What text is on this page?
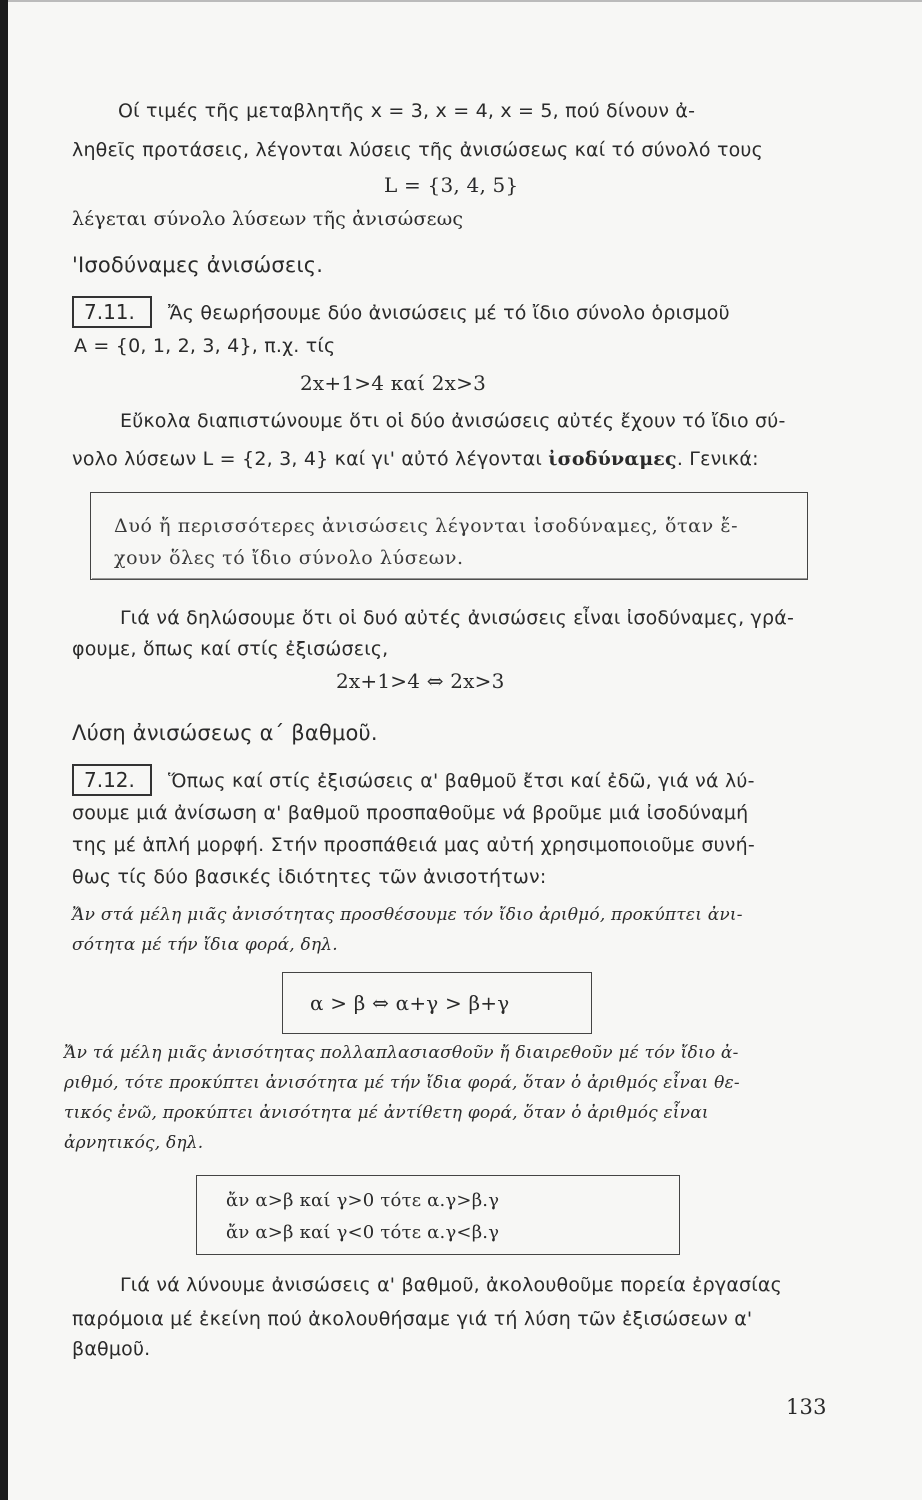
Οί τιμές τῆς μεταβλητῆς x = 3, x = 4, x = 5, πού δίνουν ἀ-
ληθεῖς προτάσεις, λέγονται λύσεις τῆς ἀνισώσεως καί τό σύνολό τους
L = {3, 4, 5}
λέγεται σύνολο λύσεων τῆς ἀνισώσεως
'Ισοδύναμες ἀνισώσεις.
7.11.	Ἄς θεωρήσουμε δύο ἀνισώσεις μέ τό ἴδιο σύνολο ὁρισμοῦ
A = {0, 1, 2, 3, 4}, π.χ. τίς
2x+1>4 καί 2x>3
Εὔκολα διαπιστώνουμε ὅτι οἱ δύο ἀνισώσεις αὐτές ἔχουν τό ἴδιο σύ-
νολο λύσεων L = {2, 3, 4} καί γι' αὐτό λέγονται ἰσοδύναμες. Γενικά:
Δυό ἤ περισσότερες ἀνισώσεις λέγονται ἰσοδύναμες, ὅταν ἔ-
χουν ὅλες τό ἴδιο σύνολο λύσεων.
Γιά νά δηλώσουμε ὅτι οἱ δυό αὐτές ἀνισώσεις εἶναι ἰσοδύναμες, γρά-
φουμε, ὅπως καί στίς ἐξισώσεις,
2x+1>4 ⇔ 2x>3
Λύση ἀνισώσεως α΄ βαθμοῦ.
7.12.	Ὅπως καί στίς ἐξισώσεις α' βαθμοῦ ἔτσι καί ἐδῶ, γιά νά λύ-
σουμε μιά ἀνίσωση α' βαθμοῦ προσπαθοῦμε νά βροῦμε μιά ἰσοδύναμή
της μέ ἁπλή μορφή. Στήν προσπάθειά μας αὐτή χρησιμοποιοῦμε συνή-
θως τίς δύο βασικές ἰδιότητες τῶν ἀνισοτήτων:
Ἄν στά μέλη μιᾶς ἀνισότητας προσθέσουμε τόν ἴδιο ἀριθμό, προκύπτει ἀνι-
σότητα μέ τήν ἴδια φορά, δηλ.
α > β ⇔ α+γ > β+γ
Ἄν τά μέλη μιᾶς ἀνισότητας πολλαπλασιασθοῦν ἤ διαιρεθοῦν μέ τόν ἴδιο ἀ-
ριθμό, τότε προκύπτει ἀνισότητα μέ τήν ἴδια φορά, ὅταν ὁ ἀριθμός εἶναι θε-
τικός ἐνῶ, προκύπτει ἀνισότητα μέ ἀντίθετη φορά, ὅταν ὁ ἀριθμός εἶναι
ἀρνητικός, δηλ.
ἄν α>β καί γ>0 τότε α.γ>β.γ
ἄν α>β καί γ<0 τότε α.γ<β.γ
Γιά νά λύνουμε ἀνισώσεις α' βαθμοῦ, ἀκολουθοῦμε πορεία ἐργασίας
παρόμοια μέ ἐκείνη πού ἀκολουθήσαμε γιά τή λύση τῶν ἐξισώσεων α'
βαθμοῦ.
133
